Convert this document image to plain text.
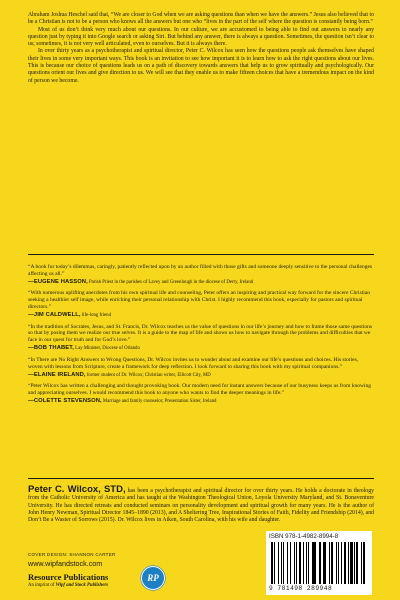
Abraham Joshua Heschel said that, “We are closer to God when we are asking questions than when we have the answers.” Jesus also believed that to be a Christian is not to be a person who knows all the answers but one who “lives in the part of the self where the question is constantly being born.”

Most of us don’t think very much about our questions. In our culture, we are accustomed to being able to find out answers to nearly any question just by typing it into Google search or asking Siri. But behind any answer, there is always a question. Sometimes, the question isn’t clear to us; sometimes, it is not very well articulated, even to ourselves. But it is always there.

In over thirty years as a psychotherapist and spiritual director, Peter C. Wilcox has seen how the questions people ask themselves have shaped their lives in some very important ways. This book is an invitation to see how important it is to learn how to ask the right questions about our lives. This is because our choice of questions leads us on a path of discovery towards answers that help us to grow spiritually and psychologically. Our questions orient our lives and give direction to us. We will see that they enable us to make fifteen choices that have a tremendous impact on the kind of person we become.

“A book for today’s dilemmas, caringly, patiently reflected upon by an author filled with those gifts and someone deeply sensitive to the personal challenges affecting us all.”

—EUGENE HASSON, Parish Priest in the parishes of Lavey and Greenlough in the diocese of Derry, Ireland

“With numerous uplifting anecdotes from his own spiritual life and counseling, Peter offers an inspiring and practical way forward for the sincere Christian seeking a healthier self image, while enriching their personal relationship with Christ. I highly recommend this book, especially for pastors and spiritual directors.”

—JIM CALDWELL, life-long friend

“In the tradition of Socrates, Jesus, and St. Francis, Dr. Wilcox teaches us the value of questions in our life’s journey and how to frame those same questions so that by posing them we realize our true selves. It is a guide to the map of life and shows us how to navigate through the problems and difficulties that we face in our quest for truth and for God’s love.”

—BOB THABET, Lay Minister, Diocese of Orlando

“In There are No Right Answers to Wrong Questions, Dr. Wilcox invites us to wonder about and examine our life’s questions and choices. His stories, woven with lessons from Scripture, create a framework for deep reflection. I look forward to sharing this book with my spiritual companions.”

—ELAINE IRELAND, former student of Dr. Wilcox; Christian writer, Ellicott City, MD

“Peter Wilcox has written a challenging and thought provoking book. Our modern need for instant answers because of our busyness keeps us from knowing and appreciating ourselves. I would recommend this book to anyone who wants to find the deeper meanings in life.”

—COLETTE STEVENSON, Marriage and family counselor; Presentation Sister, Ireland

Peter C. Wilcox, STD, has been a psychotherapist and spiritual director for over thirty years. He holds a doctorate in theology from the Catholic University of America and has taught at the Washington Theological Union, Loyola University Maryland, and St. Bonaventure University. He has directed retreats and conducted seminars on personality development and spiritual growth for many years. He is the author of John Henry Newman, Spiritual Director 1845–1890 (2013), and A Sheltering Tree, Inspirational Stories of Faith, Fidelity and Friendship (2014), and Don’t Be a Waster of Sorrows (2015). Dr. Wilcox lives in Aiken, South Carolina, with his wife and daughter.

COVER DESIGN: SHANNON CARTER
www.wipfandstock.com
Resource Publications
An imprint of Wipf and Stock Publishers
RP
ISBN 978-1-4982-8994-8
9 781498 289948
